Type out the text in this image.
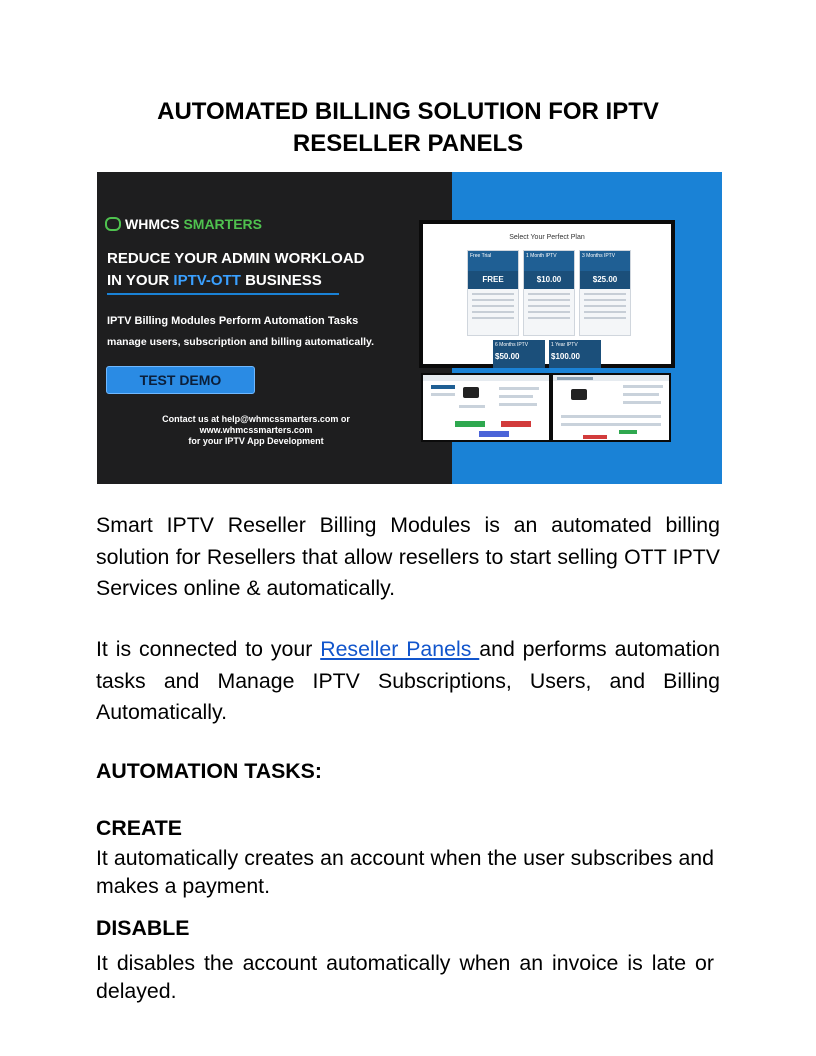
AUTOMATED BILLING SOLUTION FOR IPTV
RESELLER PANELS
WHMCS SMARTERS
REDUCE YOUR ADMIN WORKLOAD
IN YOUR IPTV-OTT BUSINESS
IPTV Billing Modules Perform Automation Tasks
manage users, subscription and billing automatically.
TEST DEMO
Contact us at help@whmcssmarters.com or www.whmcssmarters.com
for your IPTV App Development
Select Your Perfect Plan
Free Trial
FREE
1 Month IPTV
$10.00
3 Months IPTV
$25.00
6 Months IPTV
$50.00
1 Year IPTV
$100.00
Smart IPTV Reseller Billing Modules is an automated billing solution for Resellers that allow resellers to start selling OTT IPTV Services online & automatically.
It is connected to your Reseller Panels and performs automation tasks and Manage IPTV Subscriptions, Users, and Billing Automatically.
AUTOMATION TASKS:
CREATE
It automatically creates an account when the user subscribes and makes a payment.
DISABLE
It disables the account automatically when an invoice is late or delayed.
